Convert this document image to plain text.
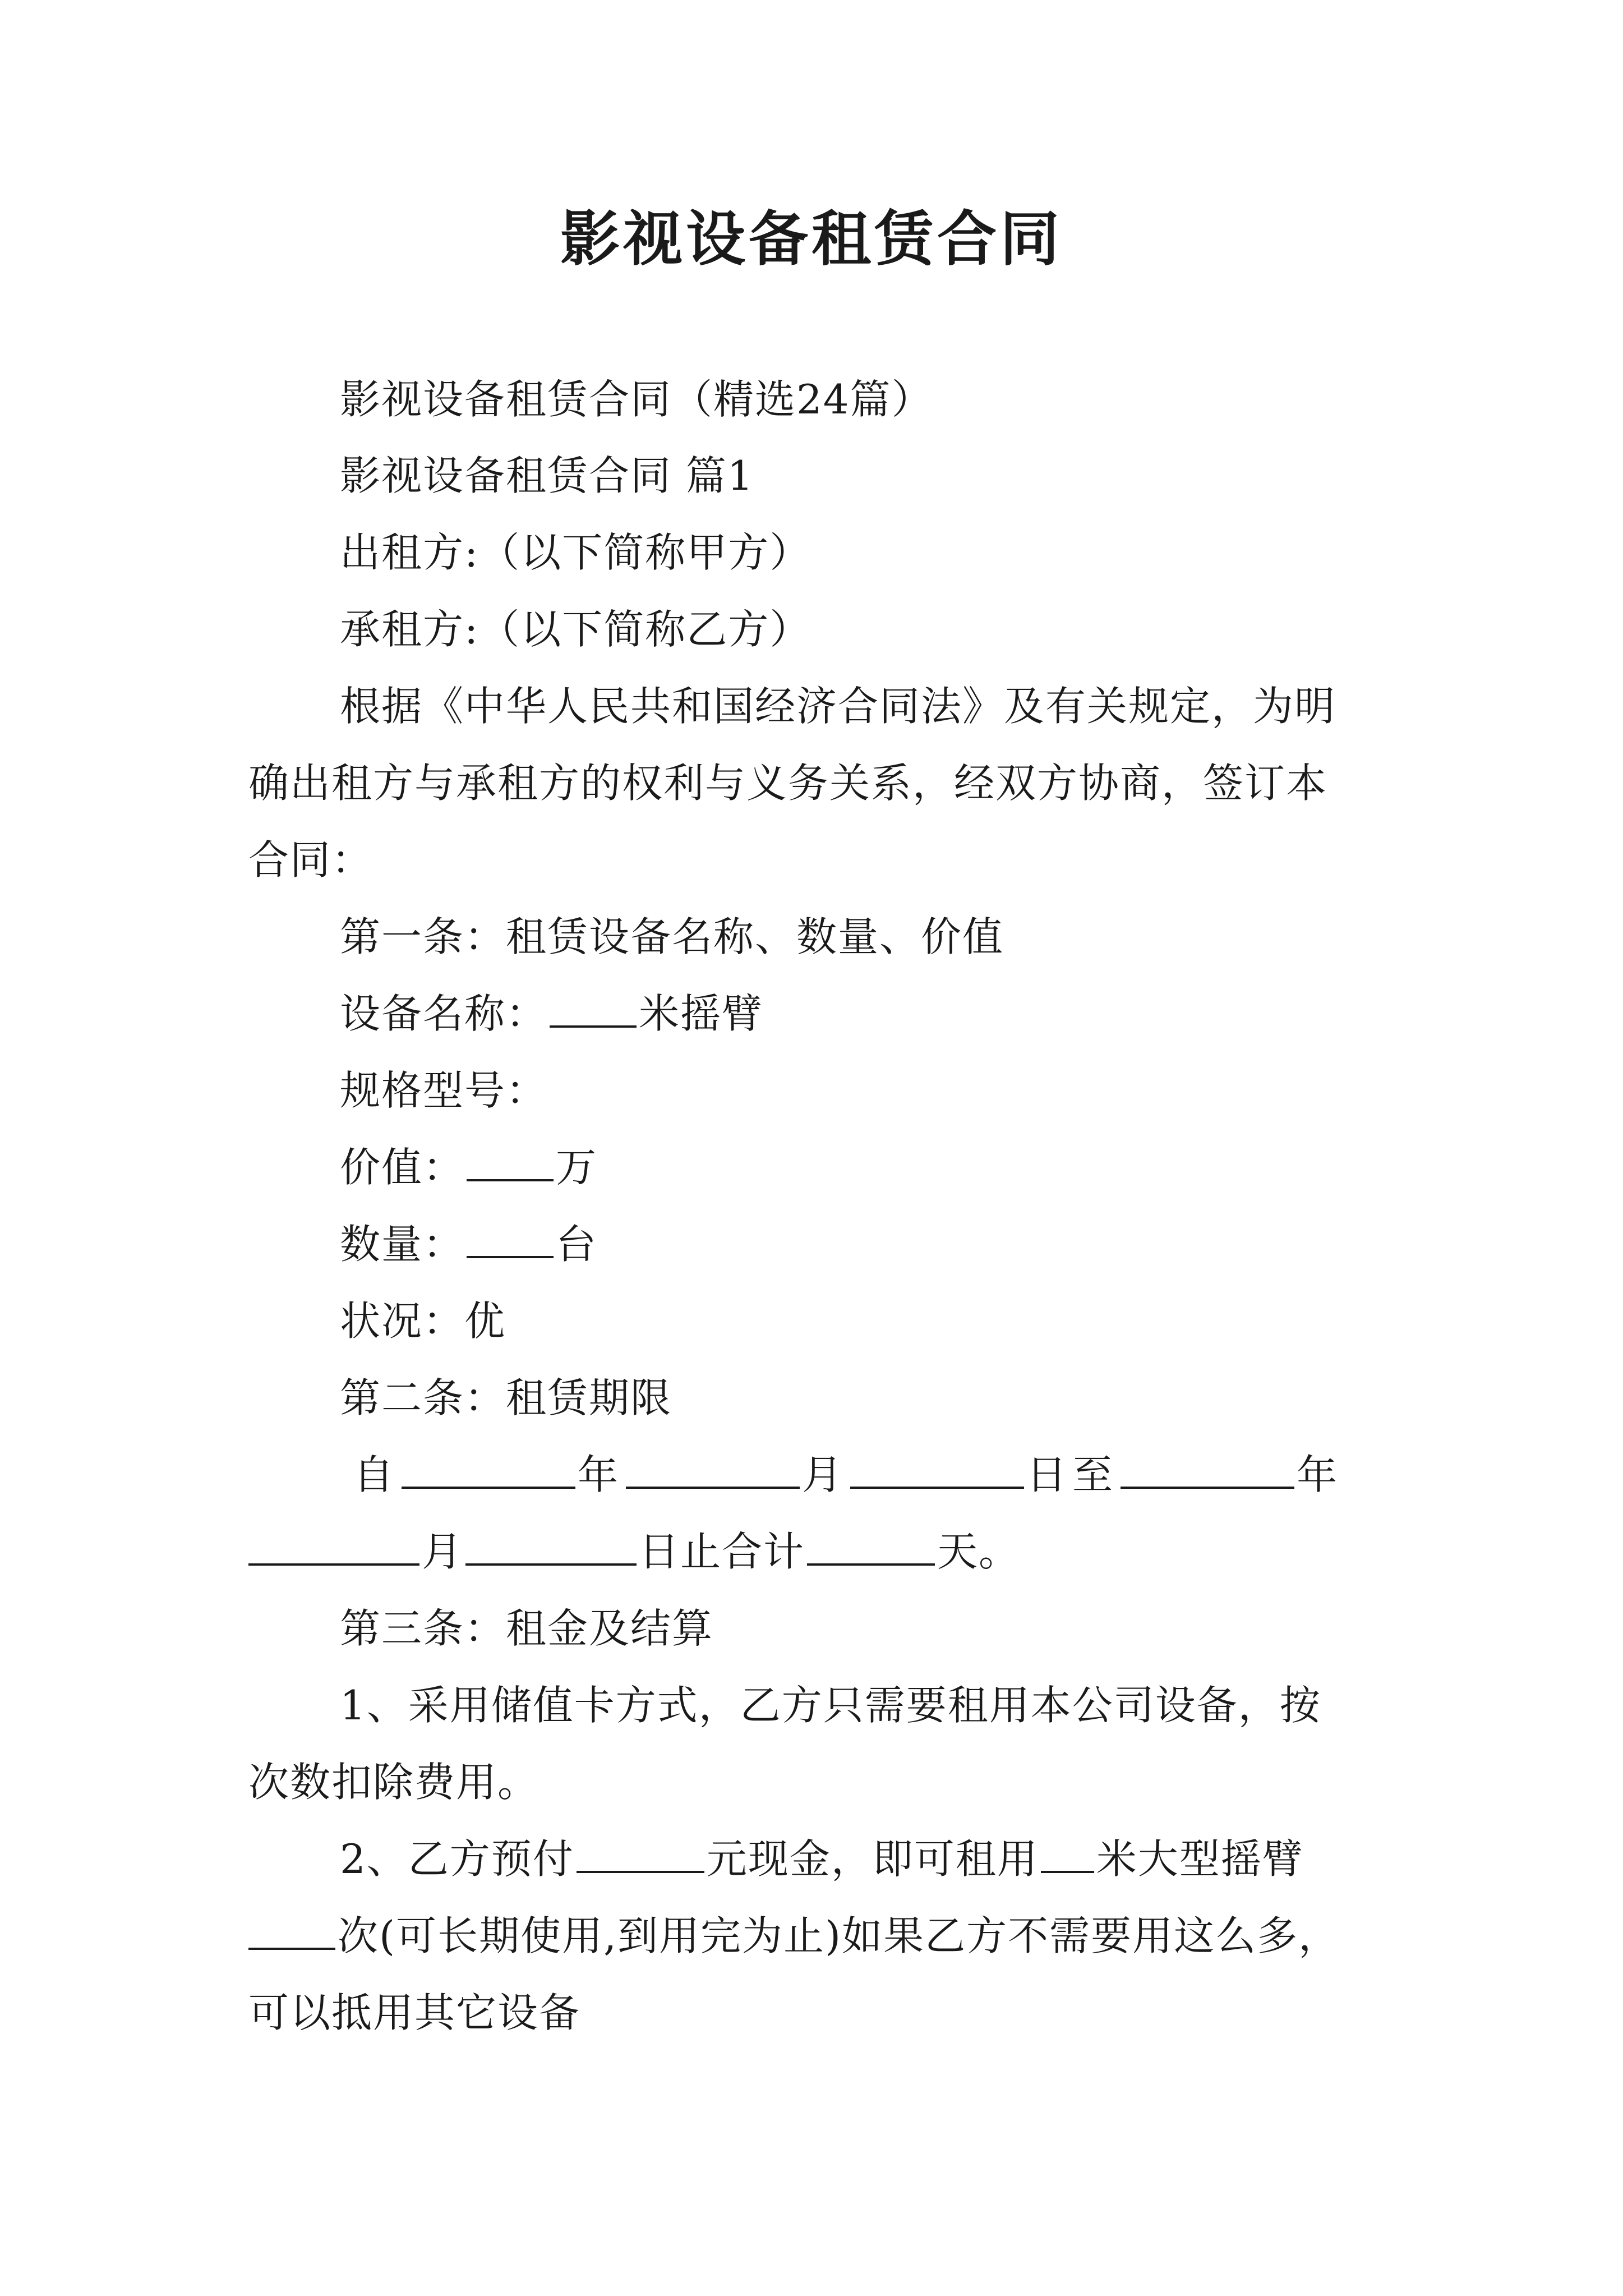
影视设备租赁合同
影视设备租赁合同（精选24篇）
影视设备租赁合同 篇1
出租方:（以下简称甲方）
承租方:（以下简称乙方）
根据《中华人民共和国经济合同法》及有关规定，为明
确出租方与承租方的权利与义务关系，经双方协商，签订本
合同：
第一条：租赁设备名称、数量、价值
设备名称： 米摇臂
规格型号：
价值： 万
数量： 台
状况：优
第二条：租赁期限
自	年	月	日至	年
月	日止合计	天。
第三条：租金及结算
1、采用储值卡方式，乙方只需要租用本公司设备，按
次数扣除费用。
2、乙方预付	元现金，即可租用 米大型摇臂
次(可长期使用,到用完为止)如果乙方不需要用这么多，
可以抵用其它设备
